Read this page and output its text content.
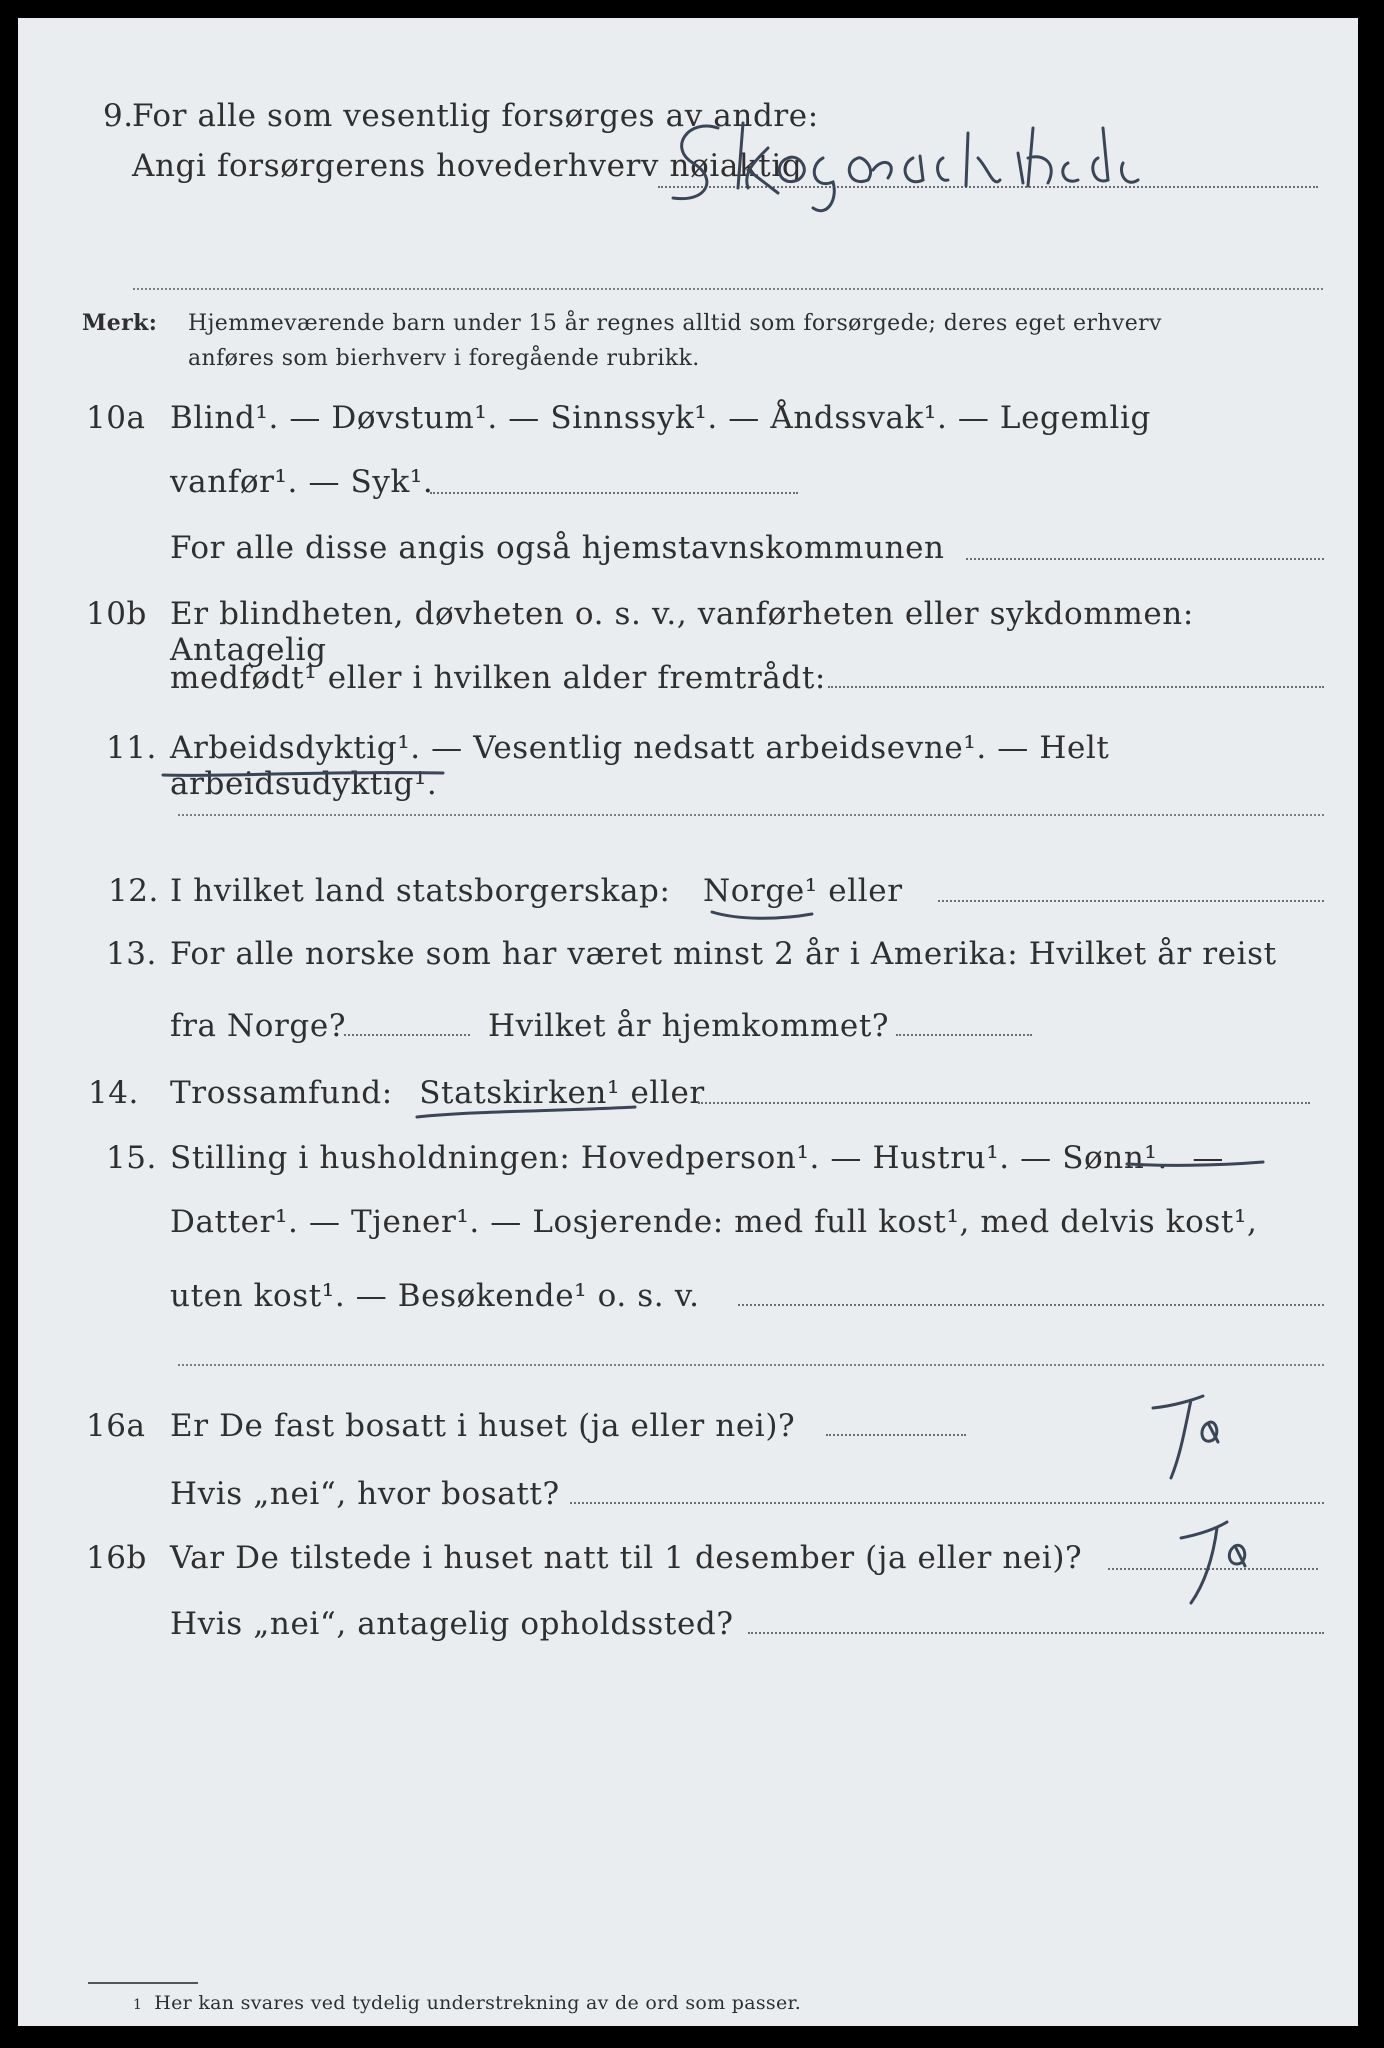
9.
For alle som vesentlig forsørges av andre:
Angi forsørgerens hovederhverv nøiaktig
Merk: Hjemmeværende barn under 15 år regnes alltid som forsørgede; deres eget erhverv
anføres som bierhverv i foregående rubrikk.
10a Blind¹. — Døvstum¹. — Sinnssyk¹. — Åndssvak¹. — Legemlig
vanfør¹. — Syk¹.
For alle disse angis også hjemstavnskommunen
10b Er blindheten, døvheten o. s. v., vanførheten eller sykdommen: Antagelig
medfødt¹ eller i hvilken alder fremtrådt:
11. Arbeidsdyktig¹. — Vesentlig nedsatt arbeidsevne¹. — Helt arbeidsudyktig¹.
12. I hvilket land statsborgerskap: Norge¹ eller
13. For alle norske som har været minst 2 år i Amerika: Hvilket år reist
fra Norge?	Hvilket år hjemkommet?
14. Trossamfund: Statskirken¹ eller
15. Stilling i husholdningen: Hovedperson¹. — Hustru¹. — Sønn¹. —
Datter¹. — Tjener¹. — Losjerende: med full kost¹, med delvis kost¹,
uten kost¹. — Besøkende¹ o. s. v.
16a Er De fast bosatt i huset (ja eller nei)?
Hvis „nei“, hvor bosatt?
16b Var De tilstede i huset natt til 1 desember (ja eller nei)?
Hvis „nei“, antagelig opholdssted?
1 Her kan svares ved tydelig understrekning av de ord som passer.
